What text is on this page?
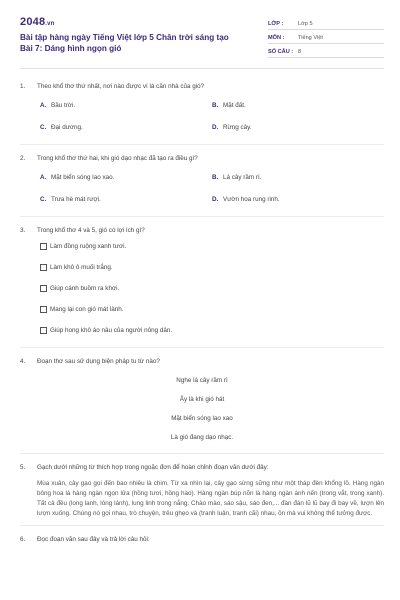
2048.vn
Bài tập hàng ngày Tiếng Việt lớp 5 Chân trời sáng tạo Bài 7: Dáng hình ngọn gió
LỚP :	Lớp 5
MÔN :	Tiếng Việt
SỐ CÂU : 8
1.	Theo khổ thơ thứ nhất, nơi nào được ví là căn nhà của gió?
A. Bầu trời.	B. Mặt đất.
C. Đại dương.	D. Rừng cây.
2.	Trong khổ thơ thứ hai, khi gió dạo nhạc đã tạo ra điều gì?
A. Mặt biển sóng lao xao.	B. Lá cây rầm rì.
C. Trưa hè mát rượi.	D. Vườn hoa rung rinh.
3.	Trong khổ thơ 4 và 5, gió có lợi ích gì?
Làm đồng ruộng xanh tươi.
Làm khô ô muối trắng.
Giúp cánh buồm ra khơi.
Mang lại con gió mát lành.
Giúp hong khô áo nâu của người nông dân.
4.	Đoạn thơ sau sử dụng biện pháp tu từ nào?
Nghe lá cây rầm rì
Ấy là khi gió hát
Mặt biển sóng lao xao
Là gió đang dạo nhạc.
5.	Gạch dưới những từ thích hợp trong ngoặc đơn để hoàn chỉnh đoạn văn dưới đây:
Mùa xuân, cây gạo gọi đến bao nhiêu là chim. Từ xa nhìn lại, cây gạo sừng sững như một tháp đèn khổng lồ. Hàng ngàn bông hoa là hàng ngàn ngọn lửa (hồng tươi, hồng hào). Hàng ngàn búp nõn là hàng ngàn ánh nến (trong vắt, trong xanh). Tất cả đều (long lanh, lóng lánh), lung linh trong nắng. Chào mào, sáo sậu, sáo đen,... đàn đàn lũ lũ bay đi bay về, lượn lên lượn xuống. Chúng nó gọi nhau, trò chuyện, trêu ghẹo và (tranh luận, tranh cãi) nhau, ồn mà vui không thể tưởng được.
6.	Đọc đoạn văn sau đây và trả lời câu hỏi:
